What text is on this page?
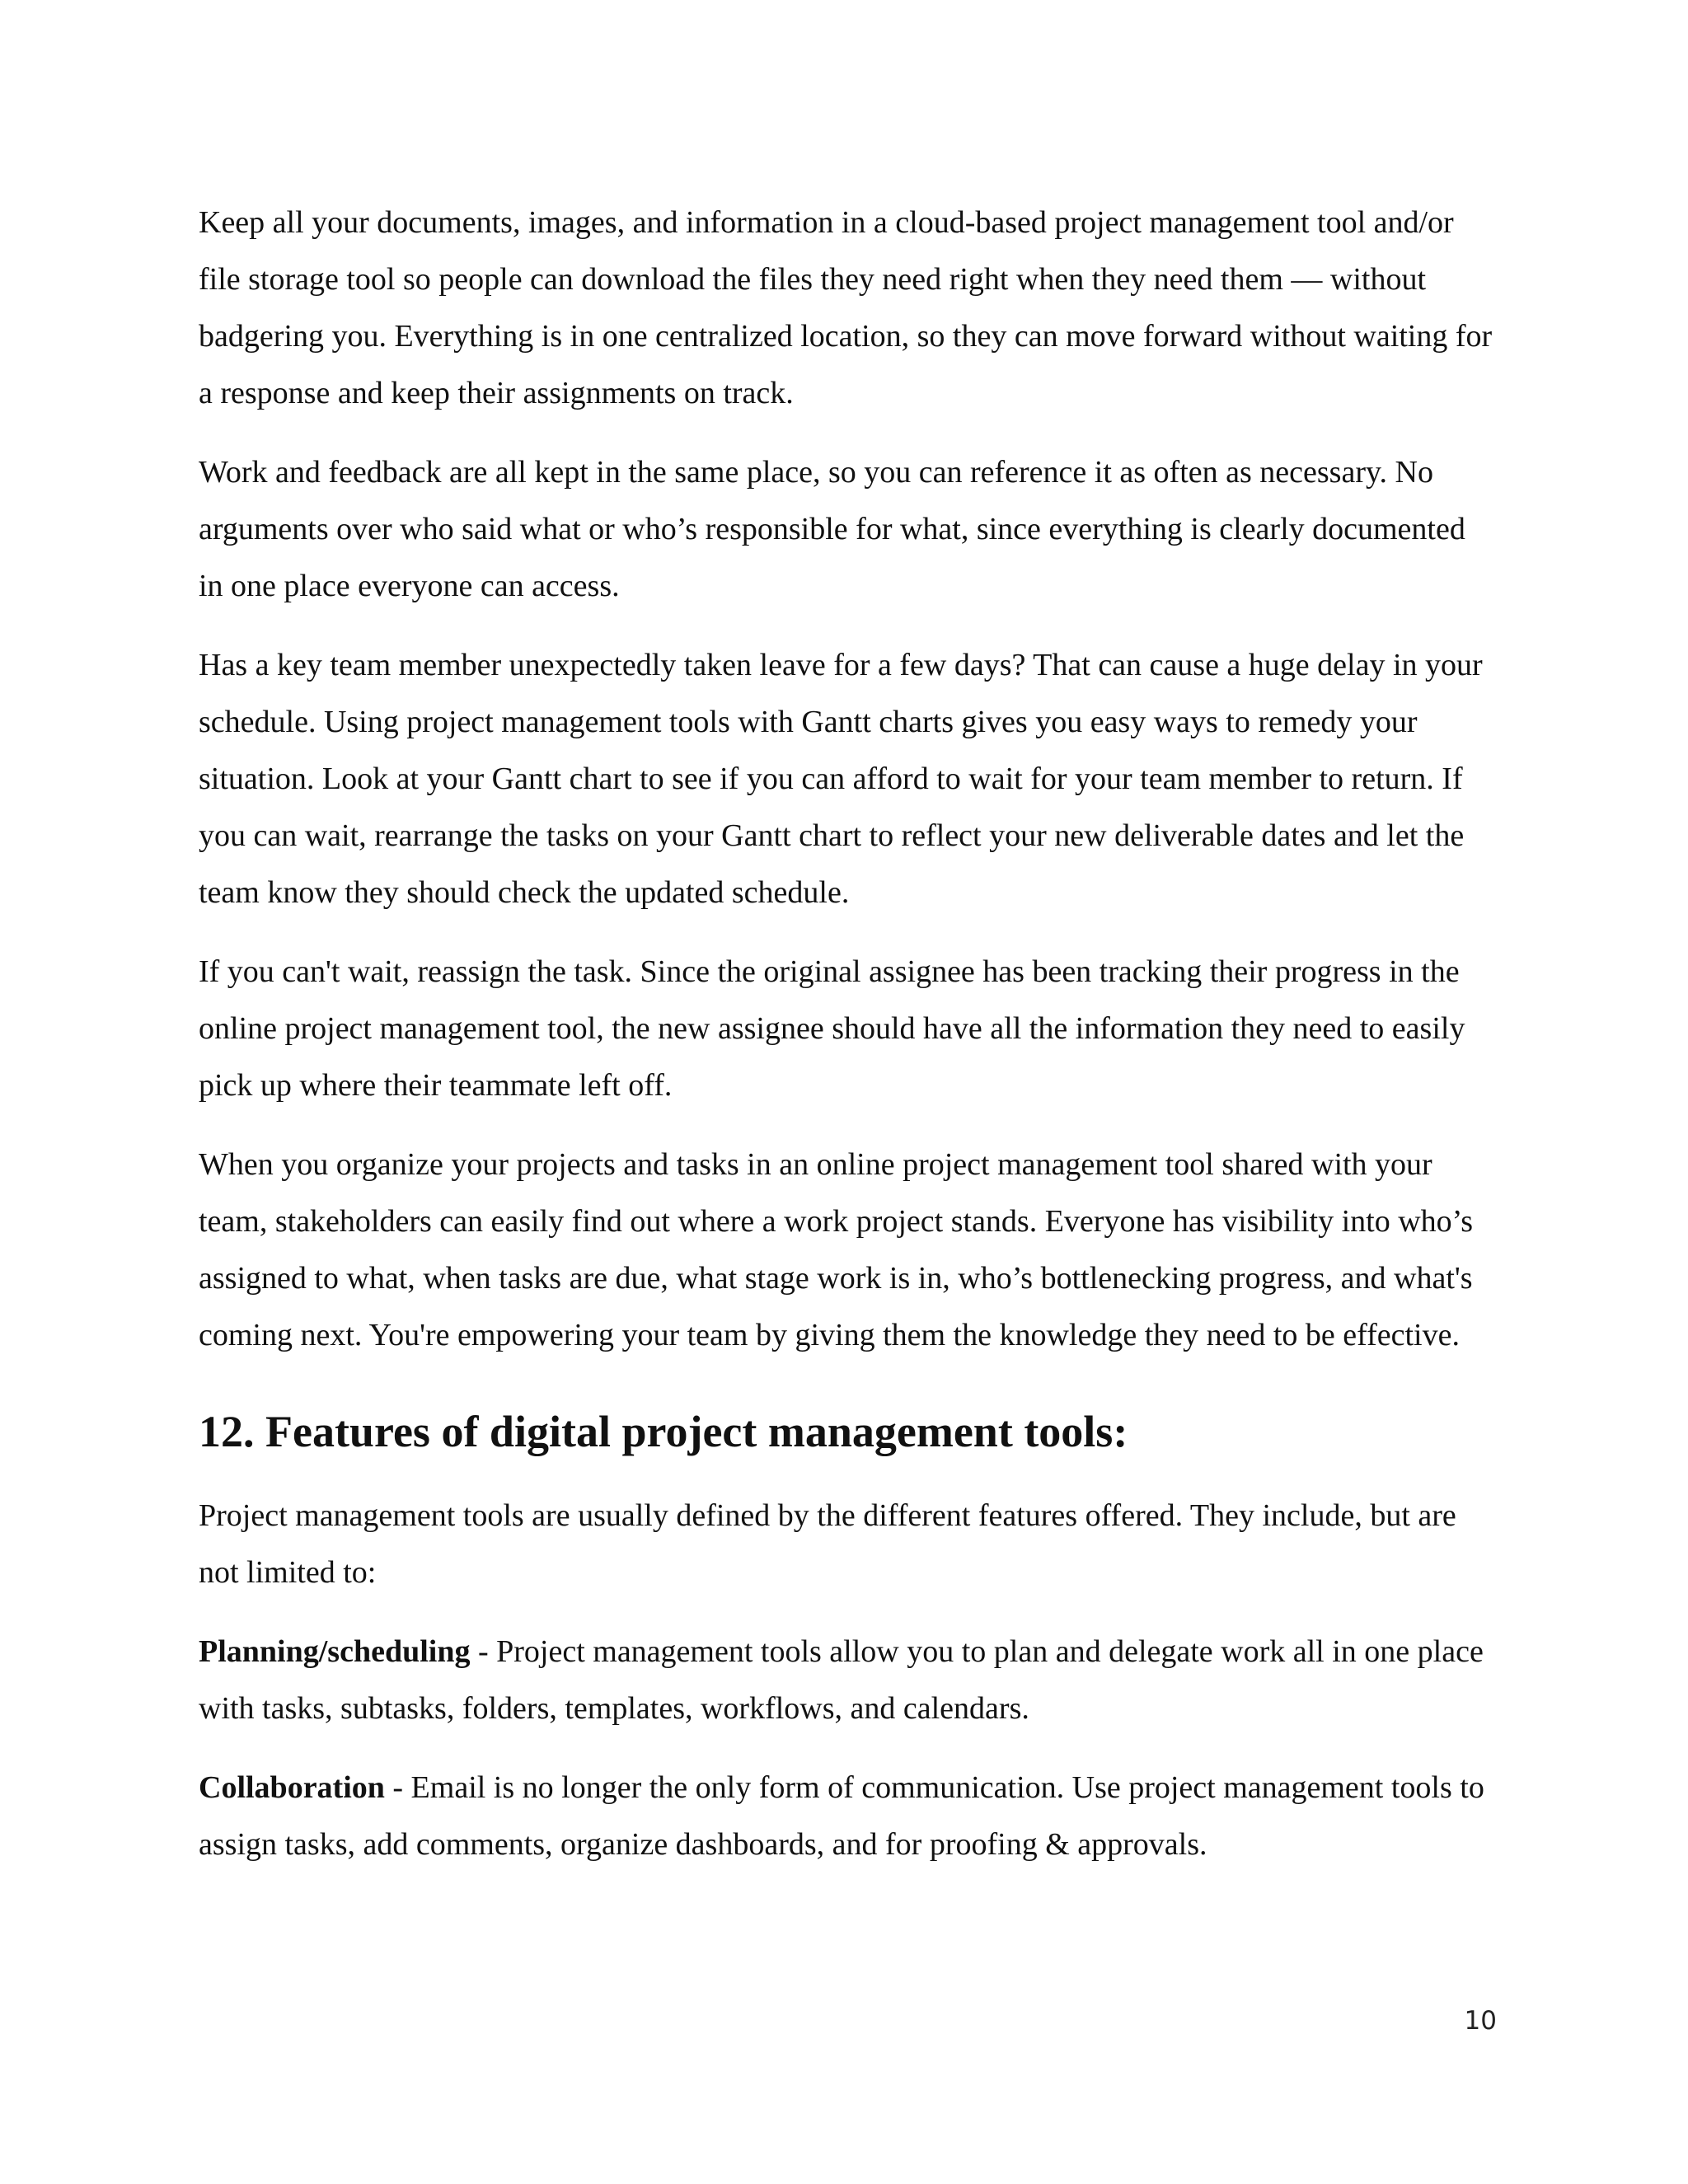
Keep all your documents, images, and information in a cloud-based project management tool and/or file storage tool so people can download the files they need right when they need them — without badgering you. Everything is in one centralized location, so they can move forward without waiting for a response and keep their assignments on track.

Work and feedback are all kept in the same place, so you can reference it as often as necessary. No arguments over who said what or who’s responsible for what, since everything is clearly documented in one place everyone can access.

Has a key team member unexpectedly taken leave for a few days? That can cause a huge delay in your schedule. Using project management tools with Gantt charts gives you easy ways to remedy your situation. Look at your Gantt chart to see if you can afford to wait for your team member to return. If you can wait, rearrange the tasks on your Gantt chart to reflect your new deliverable dates and let the team know they should check the updated schedule.

If you can't wait, reassign the task. Since the original assignee has been tracking their progress in the online project management tool, the new assignee should have all the information they need to easily pick up where their teammate left off.

When you organize your projects and tasks in an online project management tool shared with your team, stakeholders can easily find out where a work project stands. Everyone has visibility into who’s assigned to what, when tasks are due, what stage work is in, who’s bottlenecking progress, and what's coming next. You're empowering your team by giving them the knowledge they need to be effective.

12. Features of digital project management tools:

Project management tools are usually defined by the different features offered. They include, but are not limited to:

Planning/scheduling - Project management tools allow you to plan and delegate work all in one place with tasks, subtasks, folders, templates, workflows, and calendars.

Collaboration - Email is no longer the only form of communication. Use project management tools to assign tasks, add comments, organize dashboards, and for proofing & approvals.

10
